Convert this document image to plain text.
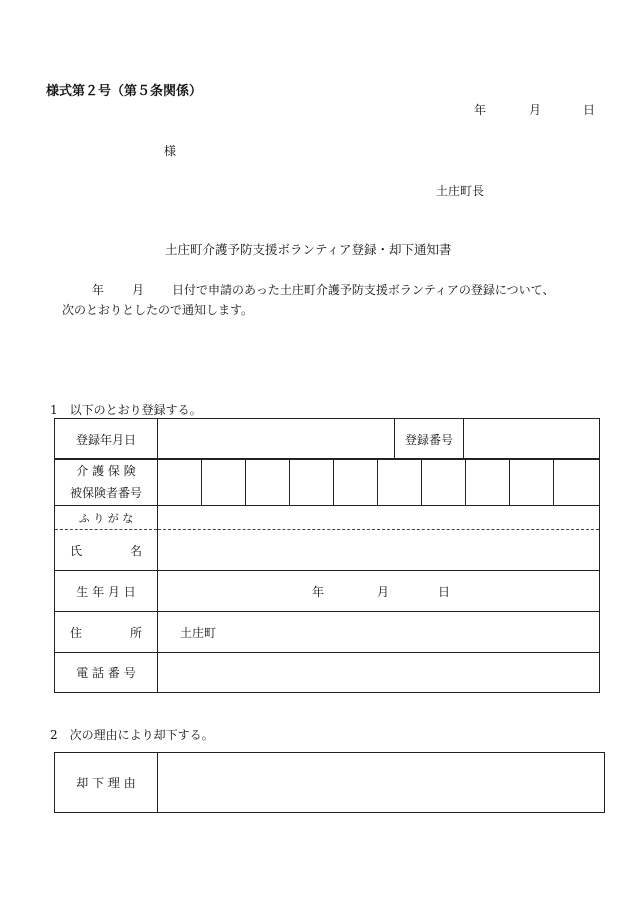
様式第２号（第５条関係）
年	月	日
様
土庄町長
土庄町介護予防支援ボランティア登録・却下通知書
年 月 日付で申請のあった土庄町介護予防支援ボランティアの登録について、
次のとおりとしたので通知します。
1　以下のとおり登録する。
登録年月日		登録番号	
介 護 保 険
被保険者番号

ふ り が な	
氏　　　　名	
生 年 月 日	年 月 日

住　　　　所	土庄町
電 話 番 号	
2　次の理由により却下する。
却 下 理 由	
